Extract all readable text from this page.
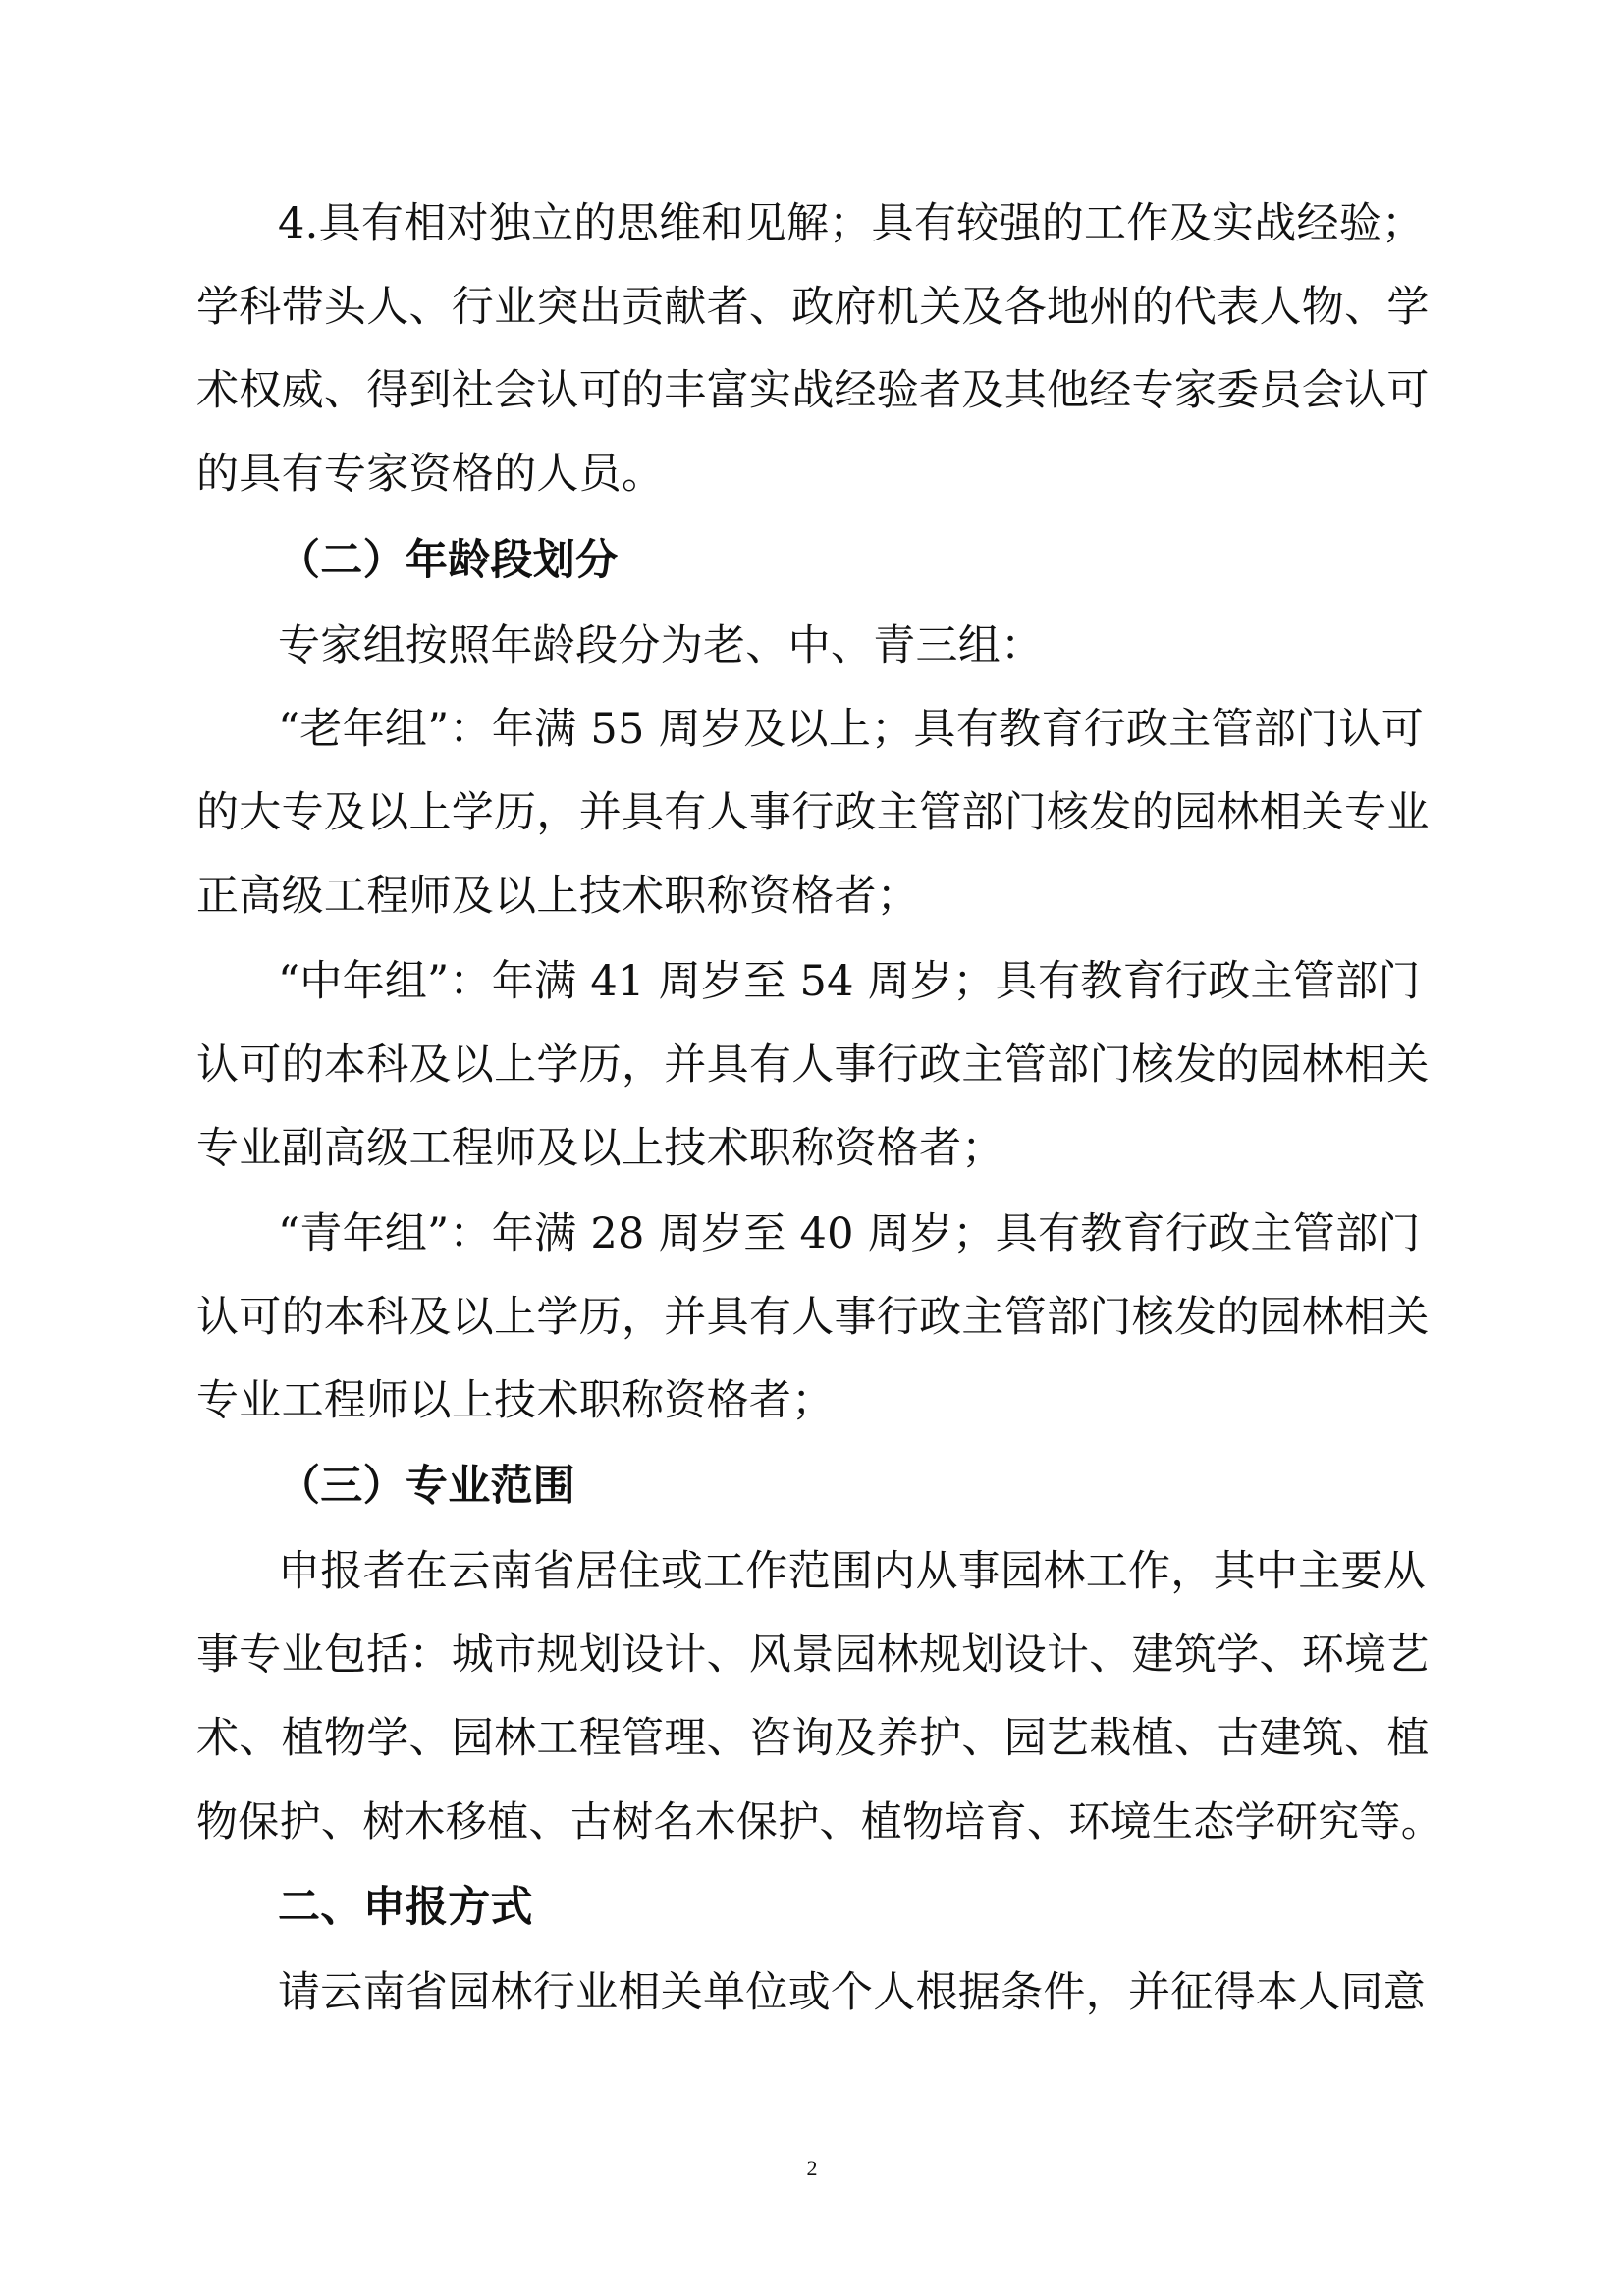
4.具有相对独立的思维和见解；具有较强的工作及实战经验；
学科带头人、行业突出贡献者、政府机关及各地州的代表人物、学
术权威、得到社会认可的丰富实战经验者及其他经专家委员会认可
的具有专家资格的人员。
（二）年龄段划分
专家组按照年龄段分为老、中、青三组：
“老年组”：年满 55 周岁及以上；具有教育行政主管部门认可
的大专及以上学历，并具有人事行政主管部门核发的园林相关专业
正高级工程师及以上技术职称资格者；
“中年组”：年满 41 周岁至 54 周岁；具有教育行政主管部门
认可的本科及以上学历，并具有人事行政主管部门核发的园林相关
专业副高级工程师及以上技术职称资格者；
“青年组”：年满 28 周岁至 40 周岁；具有教育行政主管部门
认可的本科及以上学历，并具有人事行政主管部门核发的园林相关
专业工程师以上技术职称资格者；
（三）专业范围
申报者在云南省居住或工作范围内从事园林工作，其中主要从
事专业包括：城市规划设计、风景园林规划设计、建筑学、环境艺
术、植物学、园林工程管理、咨询及养护、园艺栽植、古建筑、植
物保护、树木移植、古树名木保护、植物培育、环境生态学研究等。
二、申报方式
请云南省园林行业相关单位或个人根据条件，并征得本人同意
2
